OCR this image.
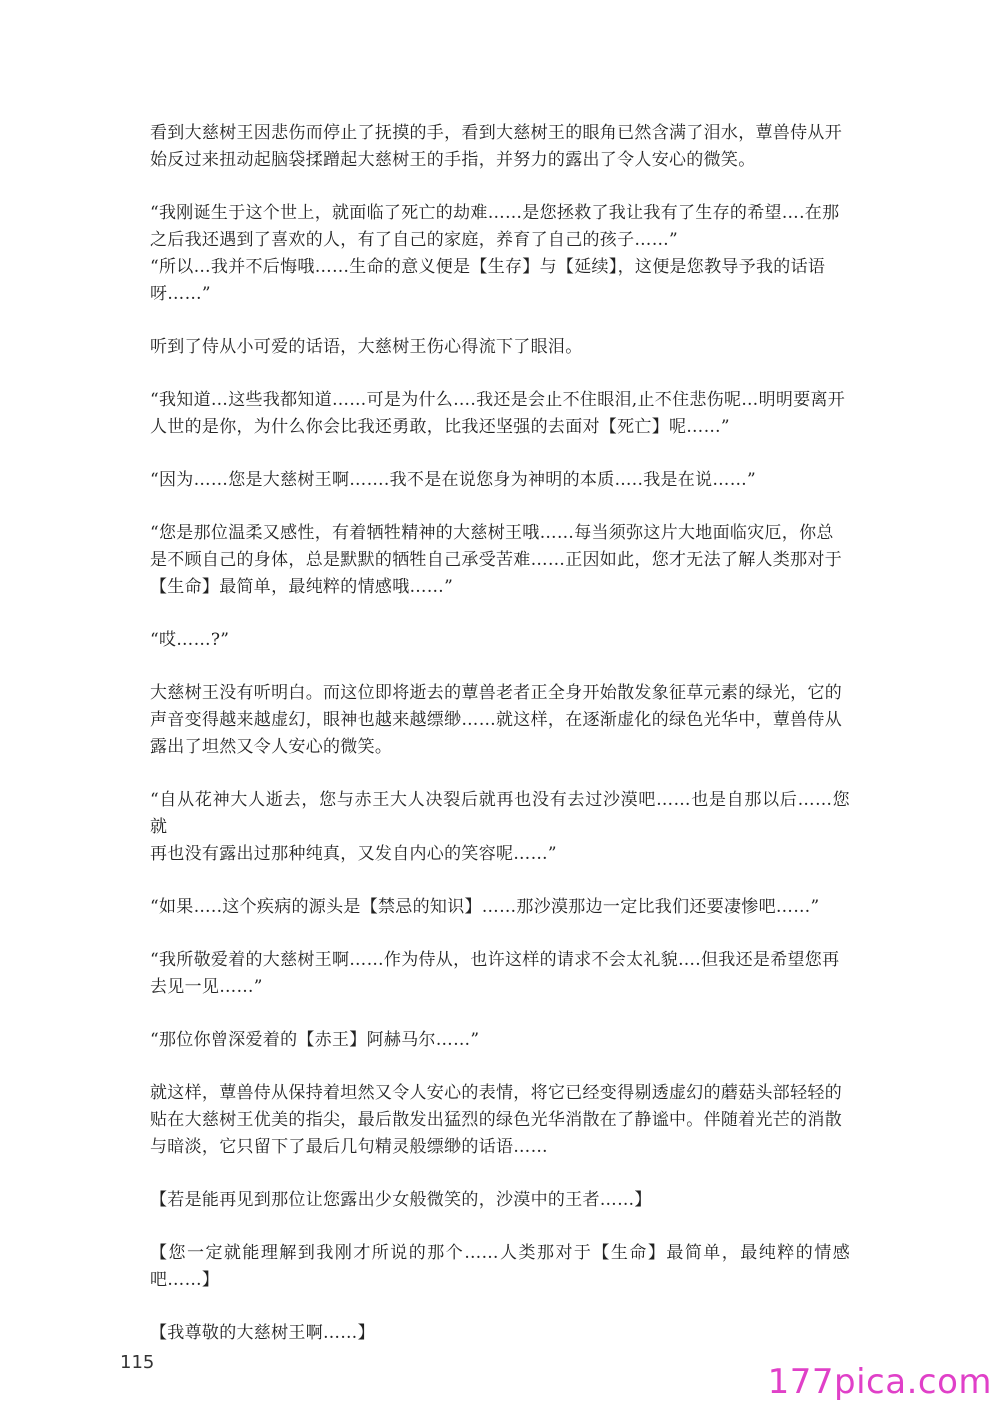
看到大慈树王因悲伤而停止了抚摸的手，看到大慈树王的眼角已然含满了泪水，蕈兽侍从开
始反过来扭动起脑袋揉蹭起大慈树王的手指，并努力的露出了令人安心的微笑。

“我刚诞生于这个世上，就面临了死亡的劫难……是您拯救了我让我有了生存的希望….在那
之后我还遇到了喜欢的人，有了自己的家庭，养育了自己的孩子……”

“所以…我并不后悔哦……生命的意义便是【生存】与【延续】，这便是您教导予我的话语
呀……”

听到了侍从小可爱的话语，大慈树王伤心得流下了眼泪。

“我知道…这些我都知道……可是为什么….我还是会止不住眼泪,止不住悲伤呢…明明要离开
人世的是你，为什么你会比我还勇敢，比我还坚强的去面对【死亡】呢……”

“因为……您是大慈树王啊…….我不是在说您身为神明的本质…..我是在说……”

“您是那位温柔又感性，有着牺牲精神的大慈树王哦……每当须弥这片大地面临灾厄，你总
是不顾自己的身体，总是默默的牺牲自己承受苦难……正因如此，您才无法了解人类那对于
【生命】最简单，最纯粹的情感哦……”

“哎……?”

大慈树王没有听明白。而这位即将逝去的蕈兽老者正全身开始散发象征草元素的绿光，它的
声音变得越来越虚幻，眼神也越来越缥缈……就这样，在逐渐虚化的绿色光华中，蕈兽侍从
露出了坦然又令人安心的微笑。

“自从花神大人逝去，您与赤王大人决裂后就再也没有去过沙漠吧……也是自那以后……您就
再也没有露出过那种纯真，又发自内心的笑容呢……”

“如果…..这个疾病的源头是【禁忌的知识】……那沙漠那边一定比我们还要凄惨吧……”

“我所敬爱着的大慈树王啊……作为侍从，也许这样的请求不会太礼貌….但我还是希望您再
去见一见……”

“那位你曾深爱着的【赤王】阿赫马尔……”

就这样，蕈兽侍从保持着坦然又令人安心的表情，将它已经变得剔透虚幻的蘑菇头部轻轻的
贴在大慈树王优美的指尖，最后散发出猛烈的绿色光华消散在了静谧中。伴随着光芒的消散
与暗淡，它只留下了最后几句精灵般缥缈的话语……

【若是能再见到那位让您露出少女般微笑的，沙漠中的王者……】

【您一定就能理解到我刚才所说的那个……人类那对于【生命】最简单，最纯粹的情感吧……】

【我尊敬的大慈树王啊……】

115	177pica.com
